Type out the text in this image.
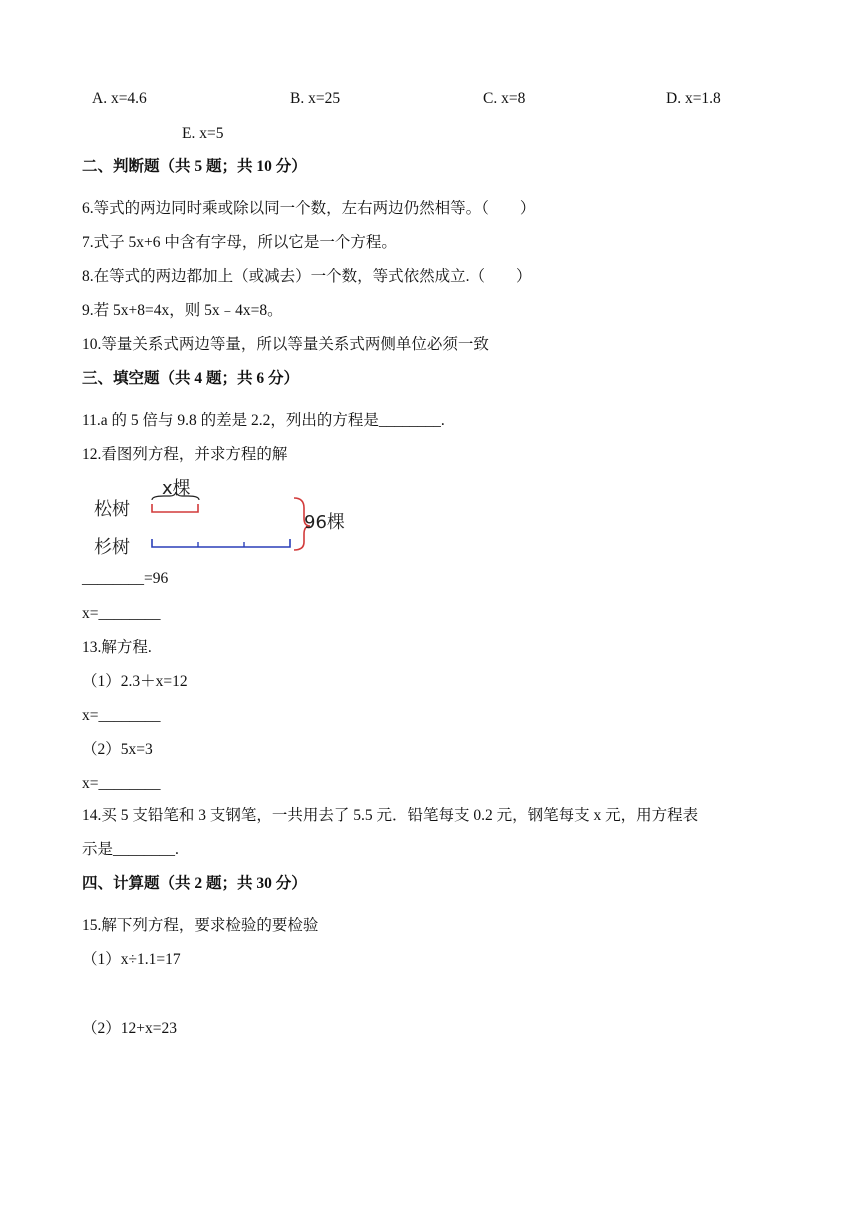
A. x=4.6	B. x=25	C. x=8	D. x=1.8
E. x=5
二、判断题（共 5 题；共 10 分）
6.等式的两边同时乘或除以同一个数，左右两边仍然相等。（　　）
7.式子 5x+6 中含有字母，所以它是一个方程。
8.在等式的两边都加上（或减去）一个数，等式依然成立.（　　）
9.若 5x+8=4x，则 5x﹣4x=8。
10.等量关系式两边等量，所以等量关系式两侧单位必须一致
三、填空题（共 4 题；共 6 分）
11.a 的 5 倍与 9.8 的差是 2.2，列出的方程是________.
12.看图列方程，并求方程的解
x棵
松树
杉树
96棵
________=96
x=________
13.解方程.
（1）2.3＋x=12
x=________
（2）5x=3
x=________
14.买 5 支铅笔和 3 支钢笔，一共用去了 5.5 元．铅笔每支 0.2 元，钢笔每支 x 元，用方程表
示是________.
四、计算题（共 2 题；共 30 分）
15.解下列方程，要求检验的要检验
（1）x÷1.1=17
（2）12+x=23
